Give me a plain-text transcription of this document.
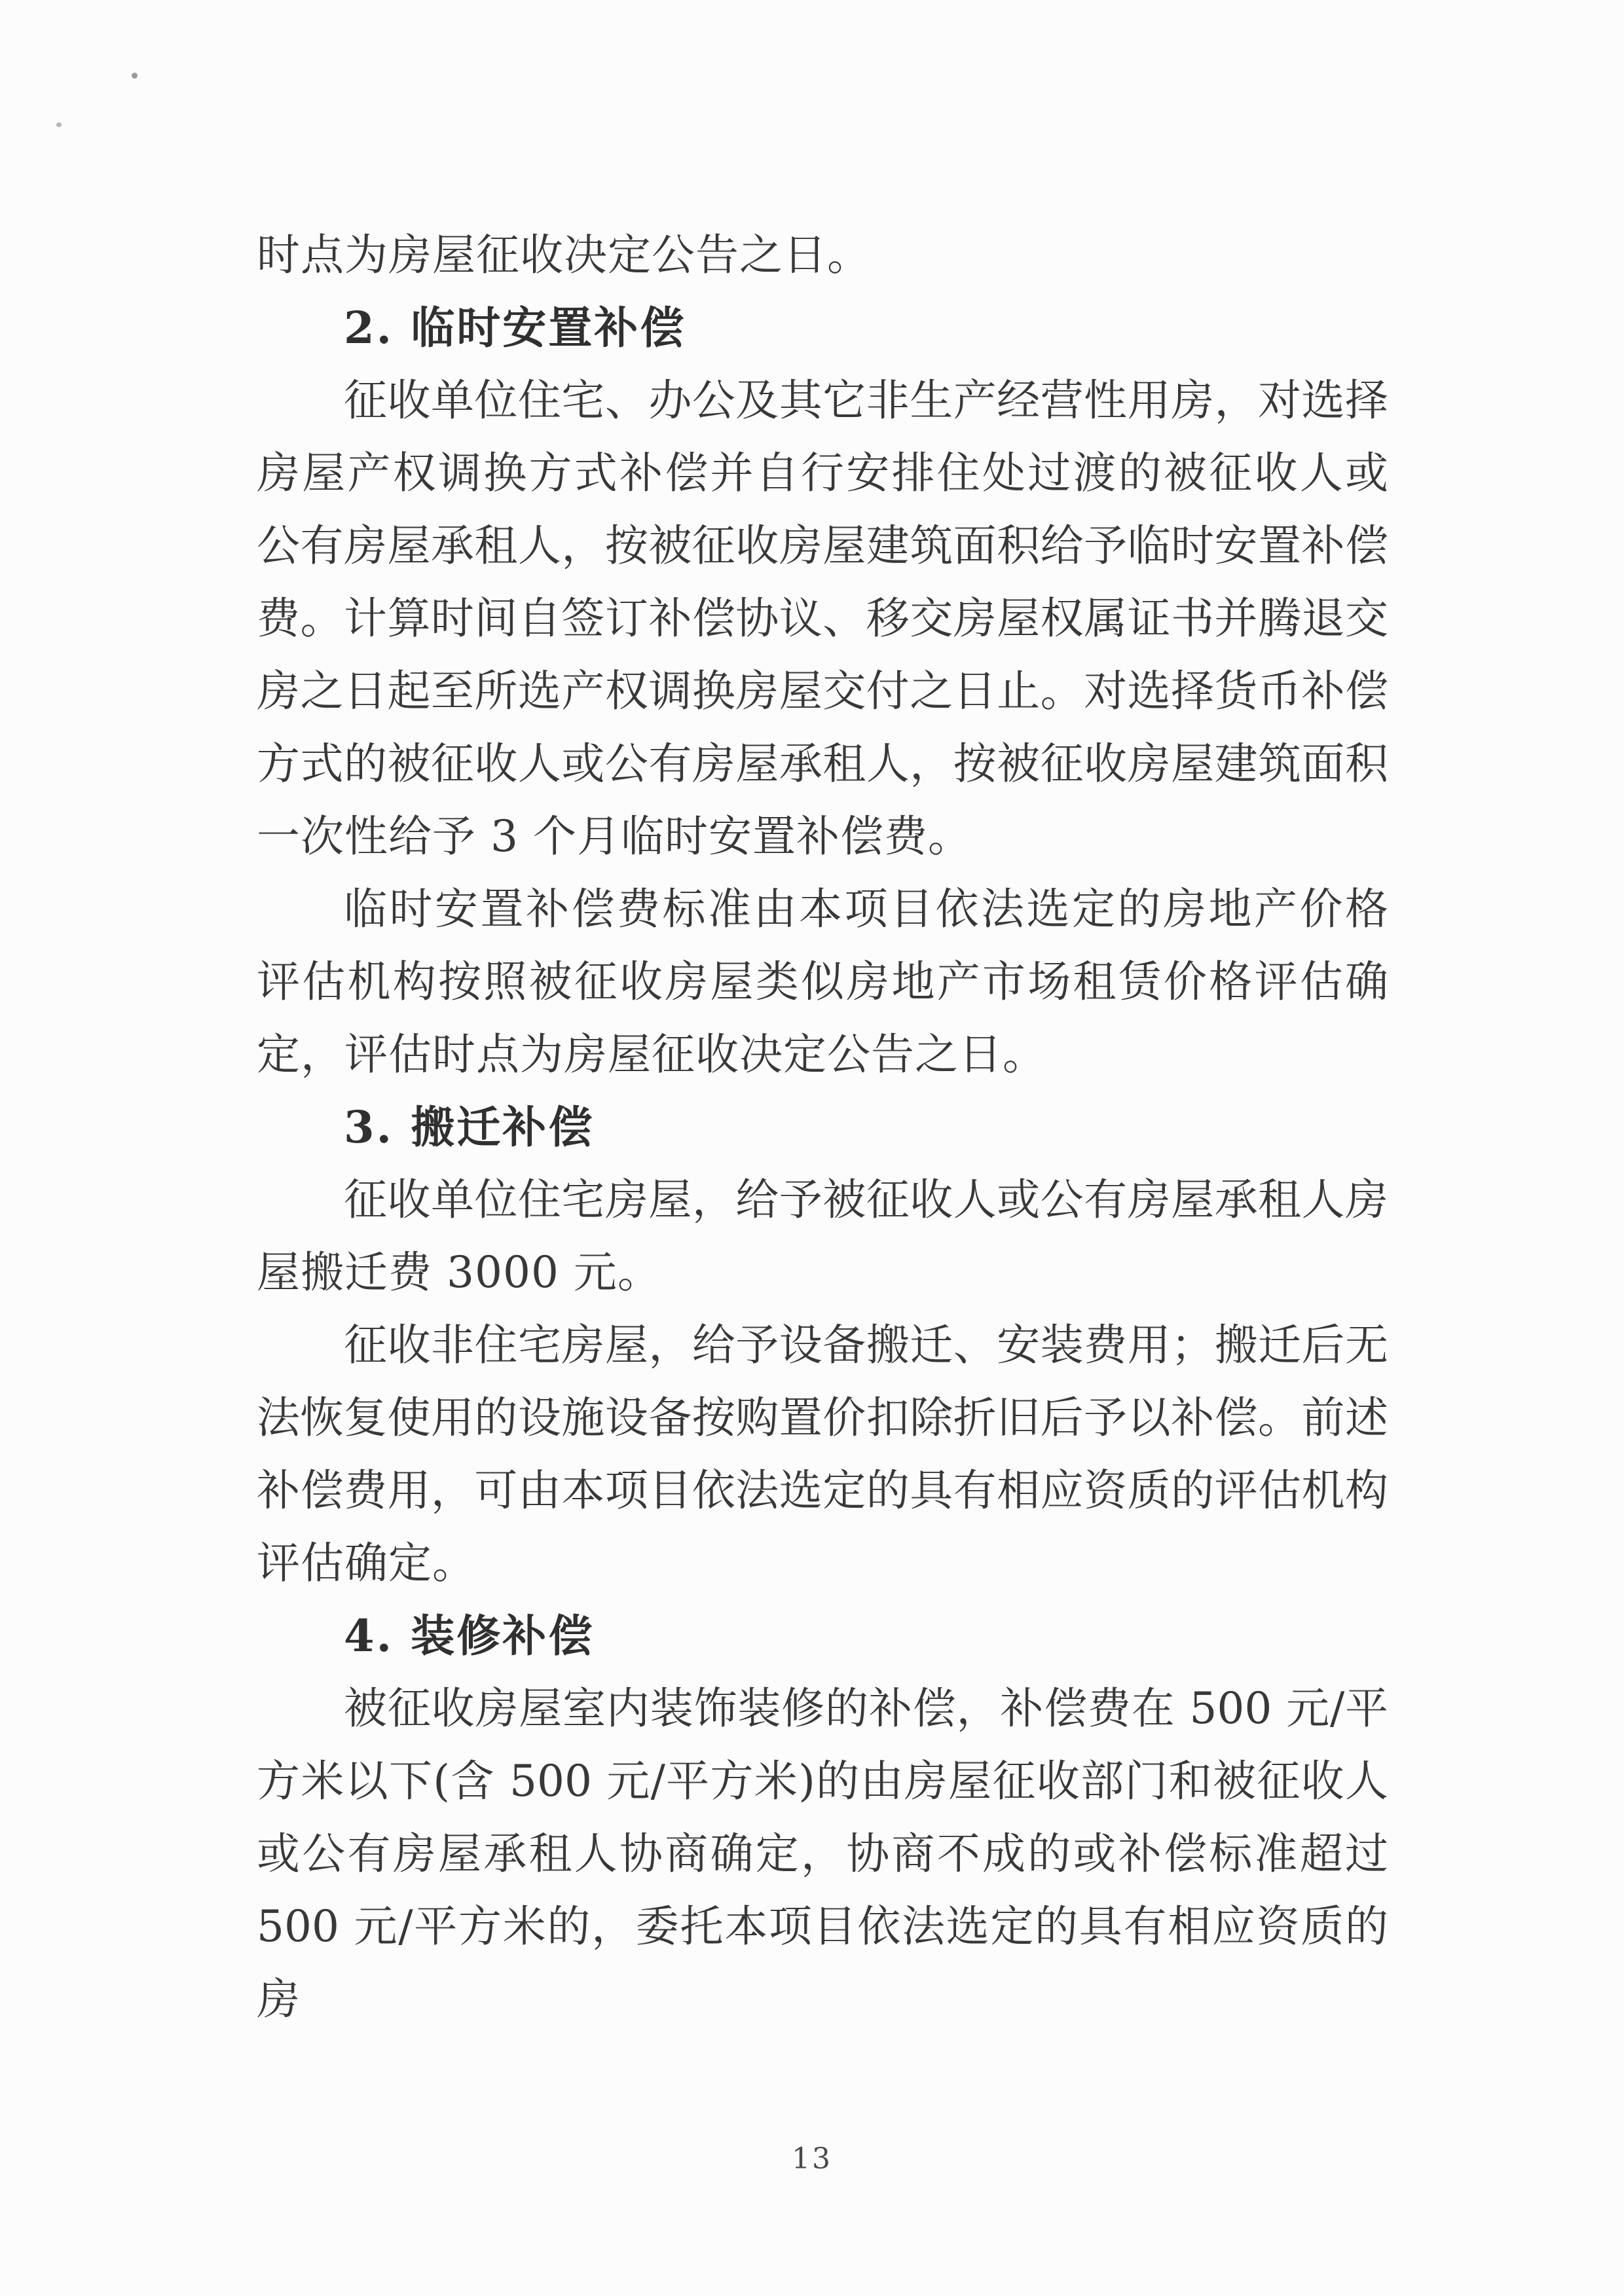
时点为房屋征收决定公告之日。
2. 临时安置补偿
征收单位住宅、办公及其它非生产经营性用房，对选择
房屋产权调换方式补偿并自行安排住处过渡的被征收人或
公有房屋承租人，按被征收房屋建筑面积给予临时安置补偿
费。计算时间自签订补偿协议、移交房屋权属证书并腾退交
房之日起至所选产权调换房屋交付之日止。对选择货币补偿
方式的被征收人或公有房屋承租人，按被征收房屋建筑面积
一次性给予 3 个月临时安置补偿费。
临时安置补偿费标准由本项目依法选定的房地产价格
评估机构按照被征收房屋类似房地产市场租赁价格评估确
定，评估时点为房屋征收决定公告之日。
3. 搬迁补偿
征收单位住宅房屋，给予被征收人或公有房屋承租人房
屋搬迁费 3000 元。
征收非住宅房屋，给予设备搬迁、安装费用；搬迁后无
法恢复使用的设施设备按购置价扣除折旧后予以补偿。前述
补偿费用，可由本项目依法选定的具有相应资质的评估机构
评估确定。
4. 装修补偿
被征收房屋室内装饰装修的补偿，补偿费在 500 元/平
方米以下(含 500 元/平方米)的由房屋征收部门和被征收人
或公有房屋承租人协商确定，协商不成的或补偿标准超过
500 元/平方米的，委托本项目依法选定的具有相应资质的房
13
